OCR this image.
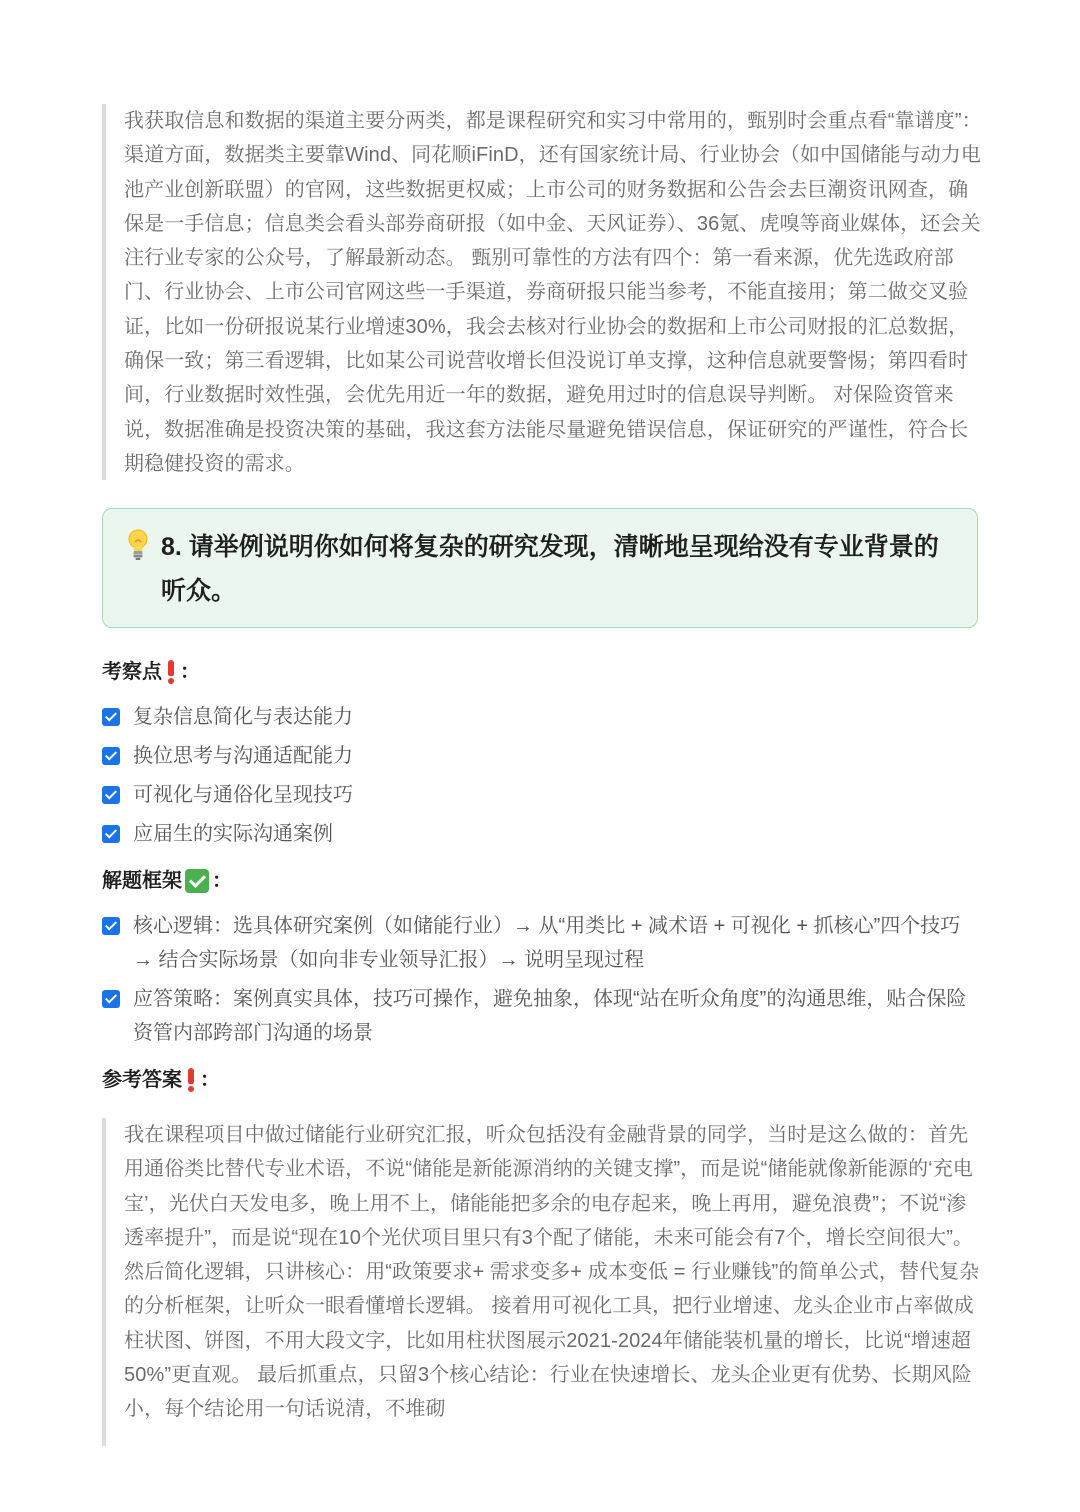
我获取信息和数据的渠道主要分两类，都是课程研究和实习中常用的，甄别时会重点看“靠谱度”： 渠道方面，数据类主要靠Wind、同花顺iFinD，还有国家统计局、行业协会（如中国储能与动力电池产业创新联盟）的官网，这些数据更权威；上市公司的财务数据和公告会去巨潮资讯网查，确保是一手信息；信息类会看头部券商研报（如中金、天风证券）、36氪、虎嗅等商业媒体，还会关注行业专家的公众号，了解最新动态。 甄别可靠性的方法有四个：第一看来源，优先选政府部门、行业协会、上市公司官网这些一手渠道，券商研报只能当参考，不能直接用；第二做交叉验证，比如一份研报说某行业增速30%，我会去核对行业协会的数据和上市公司财报的汇总数据，确保一致；第三看逻辑，比如某公司说营收增长但没说订单支撑，这种信息就要警惕；第四看时间，行业数据时效性强，会优先用近一年的数据，避免用过时的信息误导判断。 对保险资管来说，数据准确是投资决策的基础，我这套方法能尽量避免错误信息，保证研究的严谨性，符合长期稳健投资的需求。

8. 请举例说明你如何将复杂的研究发现，清晰地呈现给没有专业背景的听众。

考察点 ：
复杂信息简化与表达能力
换位思考与沟通适配能力
可视化与通俗化呈现技巧
应届生的实际沟通案例
解题框架 ：
核心逻辑：选具体研究案例（如储能行业）→ 从“用类比 + 减术语 + 可视化 + 抓核心”四个技巧→ 结合实际场景（如向非专业领导汇报）→ 说明呈现过程
应答策略：案例真实具体，技巧可操作，避免抽象，体现“站在听众角度”的沟通思维，贴合保险资管内部跨部门沟通的场景
参考答案 ：

我在课程项目中做过储能行业研究汇报，听众包括没有金融背景的同学，当时是这么做的：首先用通俗类比替代专业术语，不说“储能是新能源消纳的关键支撑”，而是说“储能就像新能源的‘充电宝’，光伏白天发电多，晚上用不上，储能能把多余的电存起来，晚上再用，避免浪费”；不说“渗透率提升”，而是说“现在10个光伏项目里只有3个配了储能，未来可能会有7个，增长空间很大”。 然后简化逻辑，只讲核心：用“政策要求+ 需求变多+ 成本变低 = 行业赚钱”的简单公式，替代复杂的分析框架，让听众一眼看懂增长逻辑。 接着用可视化工具，把行业增速、龙头企业市占率做成柱状图、饼图，不用大段文字，比如用柱状图展示2021-2024年储能装机量的增长，比说“增速超50%”更直观。 最后抓重点，只留3个核心结论：行业在快速增长、龙头企业更有优势、长期风险小，每个结论用一句话说清，不堆砌
